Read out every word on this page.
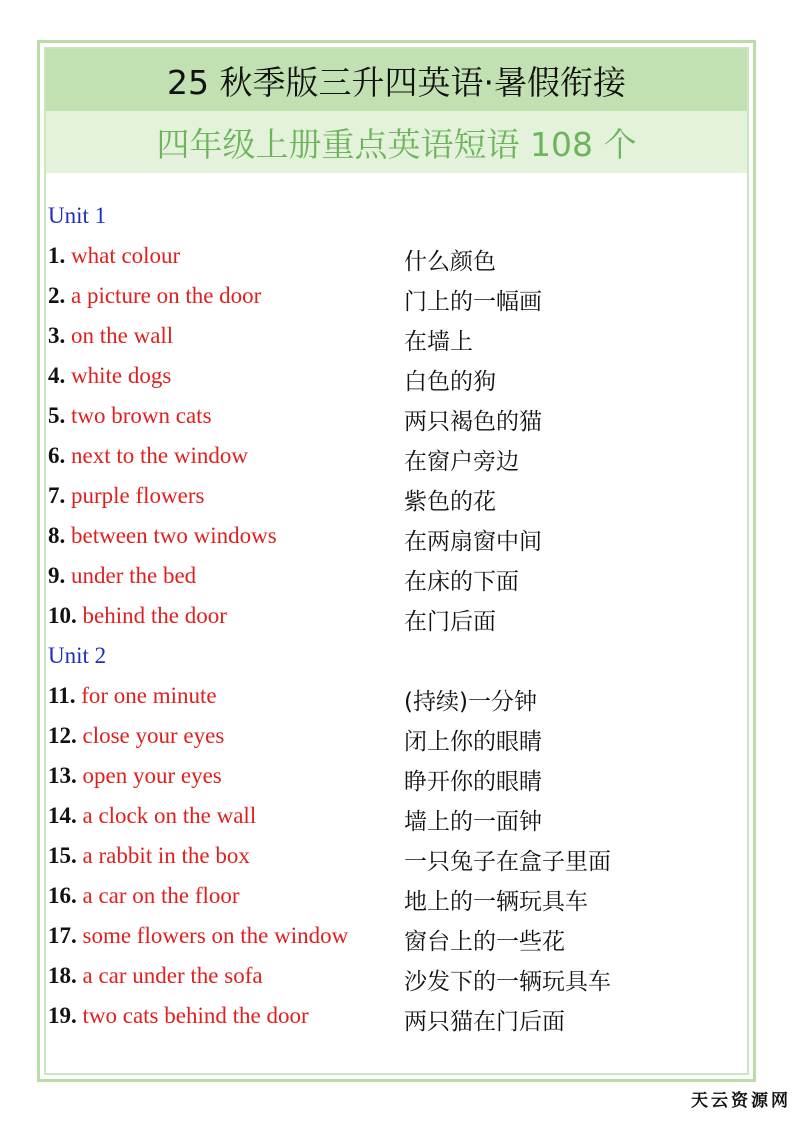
25 秋季版三升四英语·暑假衔接
四年级上册重点英语短语 108 个
Unit 1
1. what colour	什么颜色
2. a picture on the door	门上的一幅画
3. on the wall	在墙上
4. white dogs	白色的狗
5. two brown cats	两只褐色的猫
6. next to the window	在窗户旁边
7. purple flowers	紫色的花
8. between two windows	在两扇窗中间
9. under the bed	在床的下面
10. behind the door	在门后面
Unit 2
11. for one minute	(持续)一分钟
12. close your eyes	闭上你的眼睛
13. open your eyes	睁开你的眼睛
14. a clock on the wall	墙上的一面钟
15. a rabbit in the box	一只兔子在盒子里面
16. a car on the floor	地上的一辆玩具车
17. some flowers on the window 窗台上的一些花
18. a car under the sofa	沙发下的一辆玩具车
19. two cats behind the door	两只猫在门后面
天云资源网
